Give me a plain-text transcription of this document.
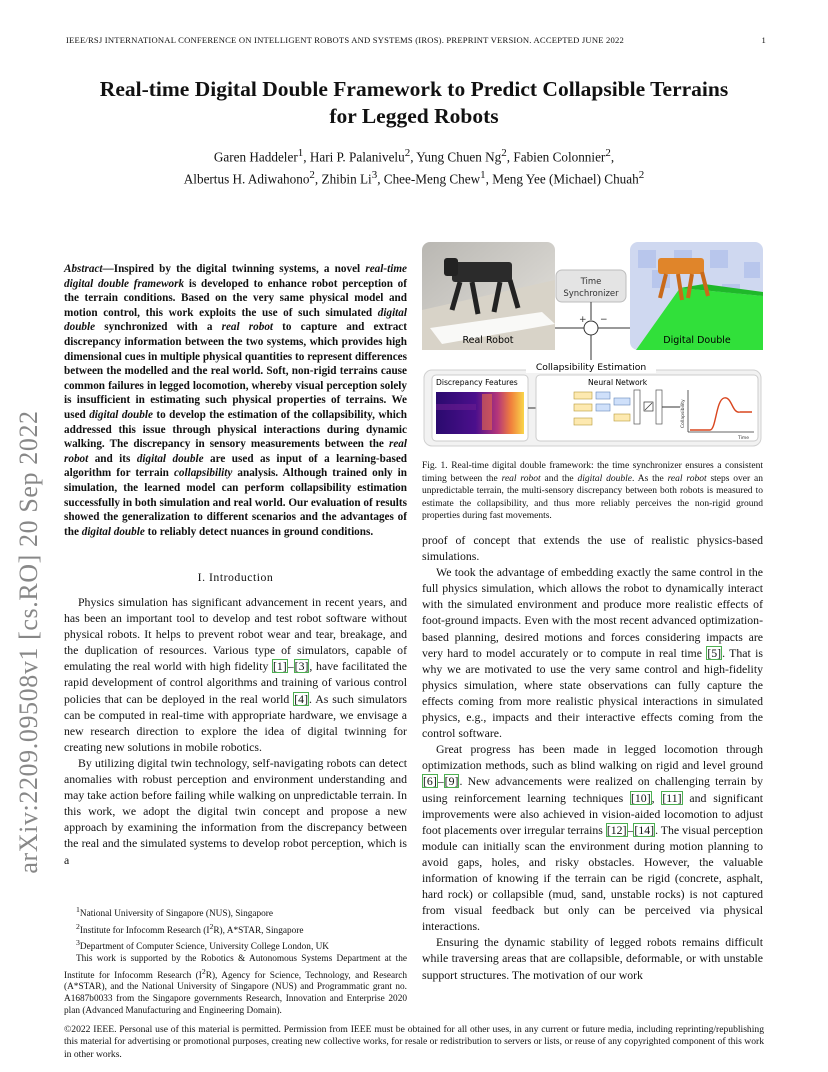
IEEE/RSJ INTERNATIONAL CONFERENCE ON INTELLIGENT ROBOTS AND SYSTEMS (IROS). PREPRINT VERSION. ACCEPTED JUNE 2022	1
Real-time Digital Double Framework to Predict Collapsible Terrains
for Legged Robots
Garen Haddeler$^1$, Hari P. Palanivelu$^2$, Yung Chuen Ng$^2$, Fabien Colonnier$^2$,
Albertus H. Adiwahono$^2$, Zhibin Li$^3$, Chee-Meng Chew$^1$, Meng Yee (Michael) Chuah$^2$
arXiv:2209.09508v1 [cs.RO] 20 Sep 2022
Abstract—Inspired by the digital twinning systems, a novel real-time digital double framework is developed to enhance robot perception of the terrain conditions. Based on the very same physical model and motion control, this work exploits the use of such simulated digital double synchronized with a real robot to capture and extract discrepancy information between the two systems, which provides high dimensional cues in multiple physical quantities to represent differences between the modelled and the real world. Soft, non-rigid terrains cause common failures in legged locomotion, whereby visual perception solely is insufficient in estimating such physical properties of terrains. We used digital double to develop the estimation of the collapsibility, which addressed this issue through physical interactions during dynamic walking. The discrepancy in sensory measurements between the real robot and its digital double are used as input of a learning-based algorithm for terrain collapsibility analysis. Although trained only in simulation, the learned model can perform collapsibility estimation successfully in both simulation and real world. Our evaluation of results showed the generalization to different scenarios and the advantages of the digital double to reliably detect nuances in ground conditions.
I. Introduction

Physics simulation has significant advancement in recent years, and has been an important tool to develop and test robot software without physical robots. It helps to prevent robot wear and tear, breakage, and the duplication of resources. Various type of simulators, capable of emulating the real world with high fidelity [1]–[3], have facilitated the rapid development of control algorithms and training of various control policies that can be deployed in the real world [4]. As such simulators can be computed in real-time with appropriate hardware, we envisage a new research direction to explore the idea of digital twinning for creating new solutions in mobile robotics.

By utilizing digital twin technology, self-navigating robots can detect anomalies with robust perception and environment understanding and may take action before failing while walking on unpredictable terrain. In this work, we adopt the digital twin concept and propose a new approach by examining the information from the discrepancy between the real and the simulated systems to develop robot perception, which is a

$^1$National University of Singapore (NUS), Singapore
$^2$Institute for Infocomm Research $(I^2R)$, A*STAR, Singapore
$^3$Department of Computer Science, University College London, UK
This work is supported by the Robotics & Autonomous Systems Department at the Institute for Infocomm Research $(I^2R)$, Agency for Science, Technology, and Research (A*STAR), and the National University of Singapore (NUS) and Programmatic grant no. A1687b0033 from the Singapore governments Research, Innovation and Enterprise 2020 plan (Advanced Manufacturing and Engineering Domain).
Time
Synchronizer
+ −
Real Robot	Digital Double
Collapsibility Estimation
Discrepancy Features	Neural Network
Collapsibility
Time
Fig. 1. Real-time digital double framework: the time synchronizer ensures a consistent timing between the real robot and the digital double. As the real robot steps over an unpredictable terrain, the multi-sensory discrepancy between both robots is measured to estimate the collapsibility, and thus more reliably perceives the non-rigid ground properties during fast movements.

proof of concept that extends the use of realistic physics-based simulations.

We took the advantage of embedding exactly the same control in the full physics simulation, which allows the robot to dynamically interact with the simulated environment and produce more realistic effects of foot-ground impacts. Even with the most recent advanced optimization-based planning, desired motions and forces considering impacts are very hard to model accurately or to compute in real time [5]. That is why we are motivated to use the very same control and high-fidelity physics simulation, where state observations can fully capture the effects coming from more realistic physical interactions in simulated physics, e.g., impacts and their interactive effects coming from the control software.

Great progress has been made in legged locomotion through optimization methods, such as blind walking on rigid and level ground [6]–[9]. New advancements were realized on challenging terrain by using reinforcement learning techniques [10], [11] and significant improvements were also achieved in vision-aided locomotion to adjust foot placements over irregular terrains [12]–[14]. The visual perception module can initially scan the environment during motion planning to avoid gaps, holes, and risky obstacles. However, the valuable information of knowing if the terrain can be rigid (concrete, asphalt, hard rock) or collapsible (mud, sand, unstable rocks) is not captured from visual feedback but only can be perceived via physical interactions.

Ensuring the dynamic stability of legged robots remains difficult while traversing areas that are collapsible, deformable, or with unstable support structures. The motivation of our work

©2022 IEEE. Personal use of this material is permitted. Permission from IEEE must be obtained for all other uses, in any current or future media, including reprinting/republishing this material for advertising or promotional purposes, creating new collective works, for resale or redistribution to servers or lists, or reuse of any copyrighted component of this work in other works.
